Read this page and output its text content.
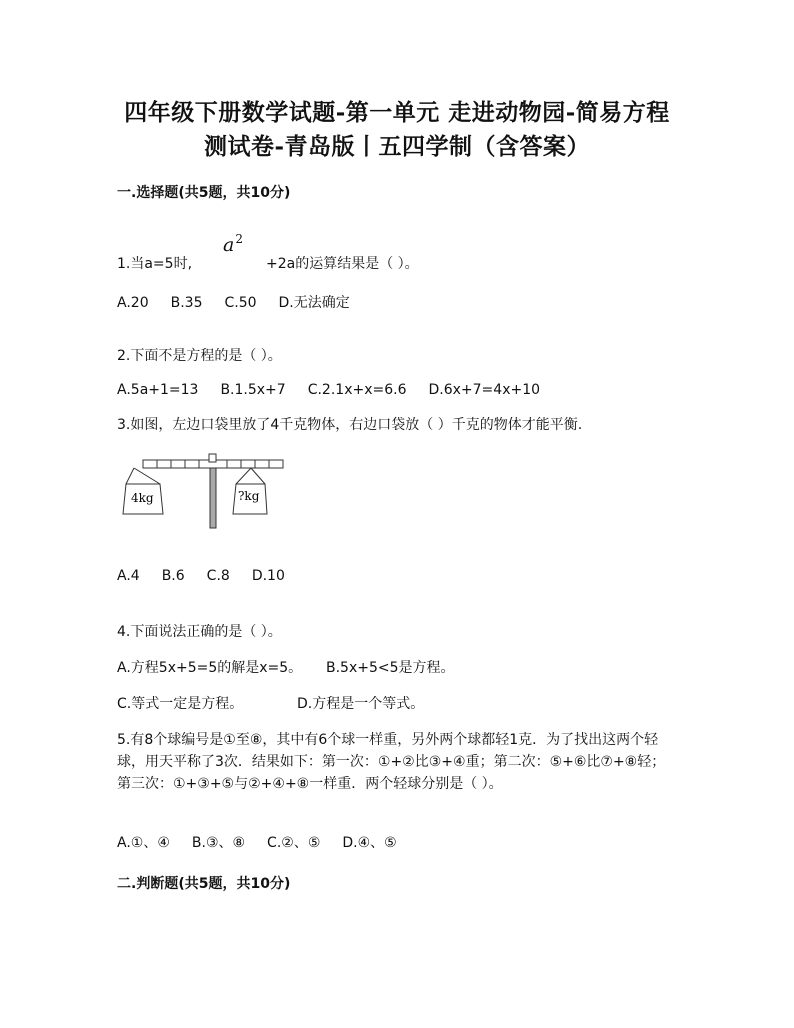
四年级下册数学试题-第一单元 走进动物园-简易方程
测试卷-青岛版丨五四学制（含答案）
一.选择题(共5题，共10分)
1.当a=5时,
$a^2$
+2a的运算结果是（ ）。
A.20 B.35 C.50 D.无法确定
2.下面不是方程的是（ ）。
A.5a+1=13 B.1.5x+7 C.2.1x+x=6.6 D.6x+7=4x+10
3.如图，左边口袋里放了4千克物体，右边口袋放（ ）千克的物体才能平衡.
4kg	?kg
A.4 B.6 C.8 D.10
4.下面说法正确的是（ ）。
A.方程5x+5=5的解是x=5。 B.5x+5<5是方程。
C.等式一定是方程。	D.方程是一个等式。
5.有8个球编号是①至⑧，其中有6个球一样重，另外两个球都轻1克．为了找出这两个轻球，用天平称了3次．结果如下：第一次：①+②比③+④重；第二次：⑤+⑥比⑦+⑧轻；第三次：①+③+⑤与②+④+⑧一样重．两个轻球分别是（ ）。
A.①、④ B.③、⑧ C.②、⑤ D.④、⑤
二.判断题(共5题，共10分)
